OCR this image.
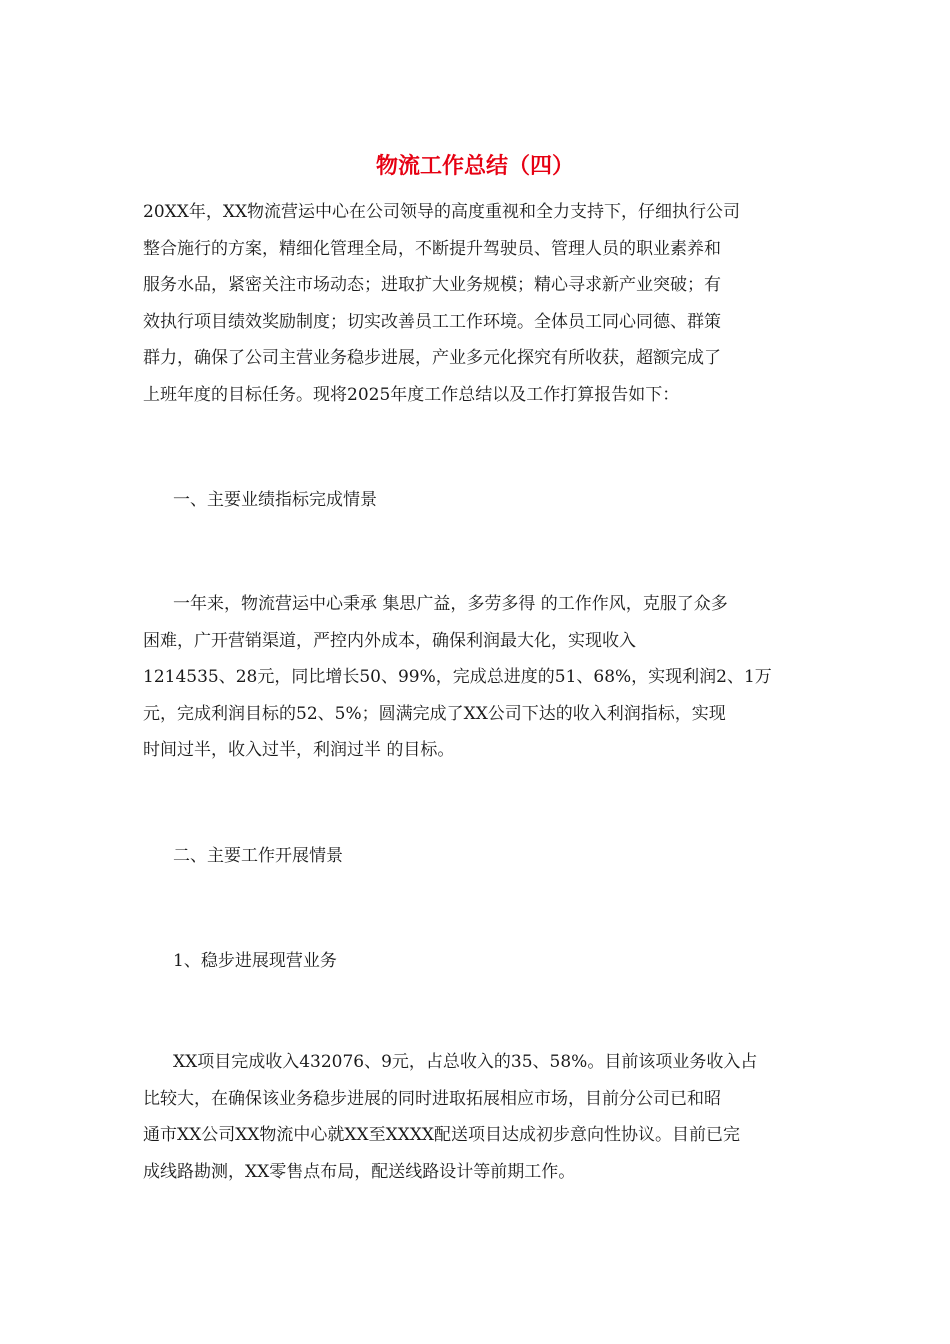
物流工作总结（四）
20XX年，XX物流营运中心在公司领导的高度重视和全力支持下，仔细执行公司
整合施行的方案，精细化管理全局，不断提升驾驶员、管理人员的职业素养和
服务水品，紧密关注市场动态；进取扩大业务规模；精心寻求新产业突破；有
效执行项目绩效奖励制度；切实改善员工工作环境。全体员工同心同德、群策
群力，确保了公司主营业务稳步进展，产业多元化探究有所收获，超额完成了
上班年度的目标任务。现将2025年度工作总结以及工作打算报告如下：
一、主要业绩指标完成情景
一年来，物流营运中心秉承 集思广益，多劳多得 的工作作风，克服了众多
困难，广开营销渠道，严控内外成本，确保利润最大化，实现收入
1214535、28元，同比增长50、99%，完成总进度的51、68%，实现利润2、1万
元，完成利润目标的52、5%；圆满完成了XX公司下达的收入利润指标，实现
时间过半，收入过半，利润过半 的目标。
二、主要工作开展情景
1、稳步进展现营业务
XX项目完成收入432076、9元，占总收入的35、58%。目前该项业务收入占
比较大，在确保该业务稳步进展的同时进取拓展相应市场，目前分公司已和昭
通市XX公司XX物流中心就XX至XXXX配送项目达成初步意向性协议。目前已完
成线路勘测，XX零售点布局，配送线路设计等前期工作。
